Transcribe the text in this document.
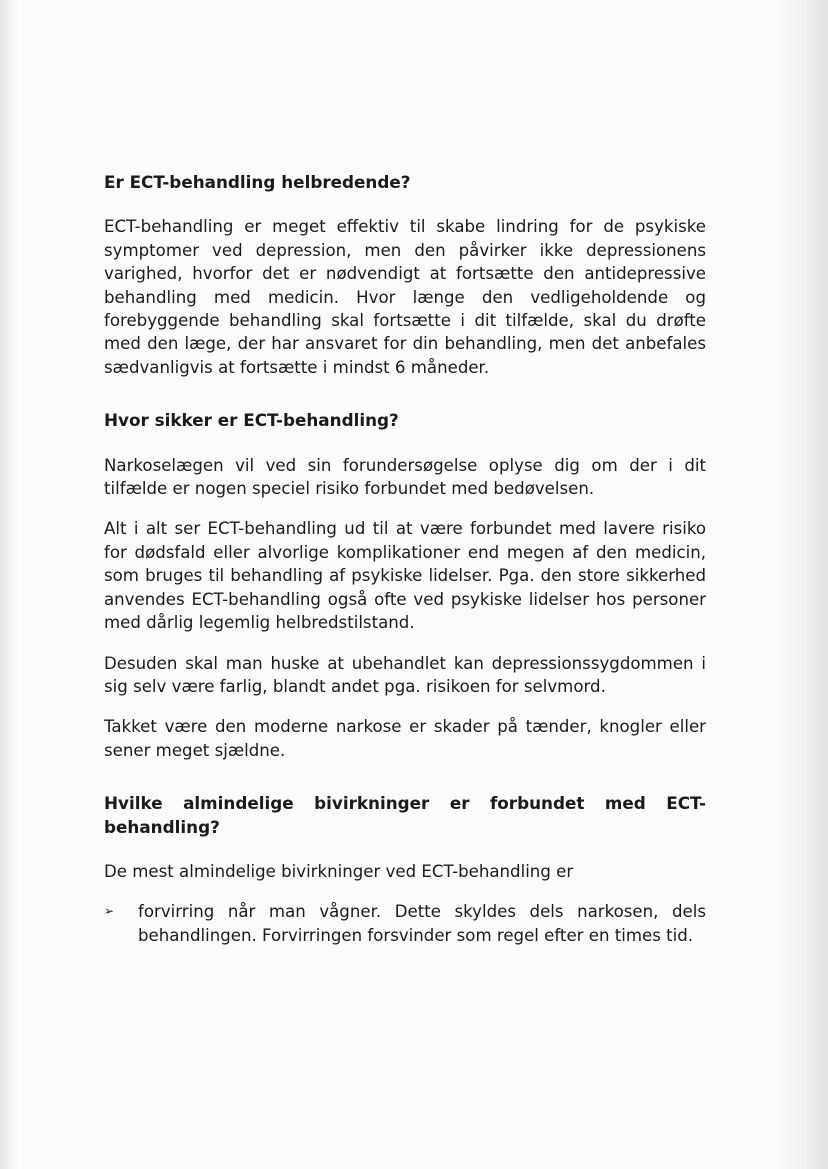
Er ECT-behandling helbredende?

ECT-behandling er meget effektiv til skabe lindring for de psykiske symptomer ved depression, men den påvirker ikke depressionens varighed, hvorfor det er nødvendigt at fortsætte den antidepressive behandling med medicin. Hvor længe den vedligeholdende og forebyggende behandling skal fortsætte i dit tilfælde, skal du drøfte med den læge, der har ansvaret for din behandling, men det anbefales sædvanligvis at fortsætte i mindst 6 måneder.

Hvor sikker er ECT-behandling?

Narkoselægen vil ved sin forundersøgelse oplyse dig om der i dit tilfælde er nogen speciel risiko forbundet med bedøvelsen.

Alt i alt ser ECT-behandling ud til at være forbundet med lavere risiko for dødsfald eller alvorlige komplikationer end megen af den medicin, som bruges til behandling af psykiske lidelser. Pga. den store sikkerhed anvendes ECT-behandling også ofte ved psykiske lidelser hos personer med dårlig legemlig helbredstilstand.

Desuden skal man huske at ubehandlet kan depressionssygdommen i sig selv være farlig, blandt andet pga. risikoen for selvmord.

Takket være den moderne narkose er skader på tænder, knogler eller sener meget sjældne.

Hvilke almindelige bivirkninger er forbundet med ECT-behandling?

De mest almindelige bivirkninger ved ECT-behandling er

➢ forvirring når man vågner. Dette skyldes dels narkosen, dels behandlingen. Forvirringen forsvinder som regel efter en times tid.
